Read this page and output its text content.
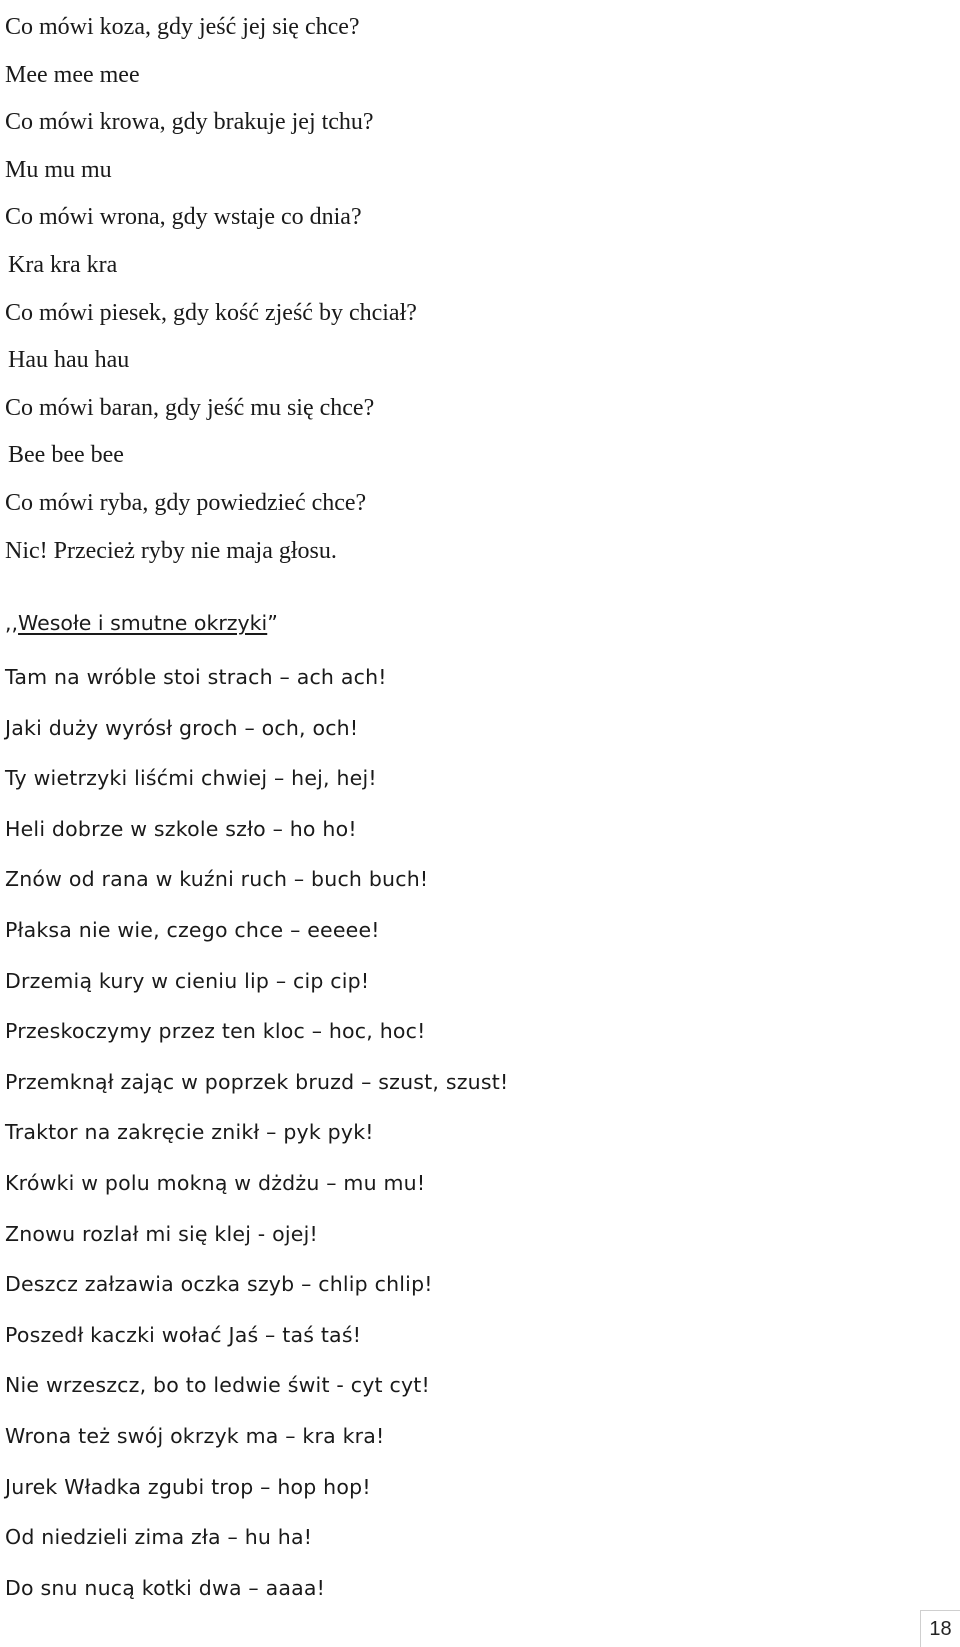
Co mówi koza, gdy jeść jej się chce?
Mee mee mee
Co mówi krowa, gdy brakuje jej tchu?
Mu mu mu
Co mówi wrona, gdy wstaje co dnia?
Kra kra kra
Co mówi piesek, gdy kość zjeść by chciał?
Hau hau hau
Co mówi baran, gdy jeść mu się chce?
Bee bee bee
Co mówi ryba, gdy powiedzieć chce?
Nic! Przecież ryby nie maja głosu.
,,Wesołe i smutne okrzyki”
Tam na wróble stoi strach – ach ach!
Jaki duży wyrósł groch – och, och!
Ty wietrzyki liśćmi chwiej – hej, hej!
Heli dobrze w szkole szło – ho ho!
Znów od rana w kuźni ruch – buch buch!
Płaksa nie wie, czego chce – eeeee!
Drzemią kury w cieniu lip – cip cip!
Przeskoczymy przez ten kloc – hoc, hoc!
Przemknął zając w poprzek bruzd – szust, szust!
Traktor na zakręcie znikł – pyk pyk!
Krówki w polu mokną w dżdżu – mu mu!
Znowu rozlał mi się klej - ojej!
Deszcz załzawia oczka szyb – chlip chlip!
Poszedł kaczki wołać Jaś – taś taś!
Nie wrzeszcz, bo to ledwie świt - cyt cyt!
Wrona też swój okrzyk ma – kra kra!
Jurek Władka zgubi trop – hop hop!
Od niedzieli zima zła – hu ha!
Do snu nucą kotki dwa – aaaa!
18
